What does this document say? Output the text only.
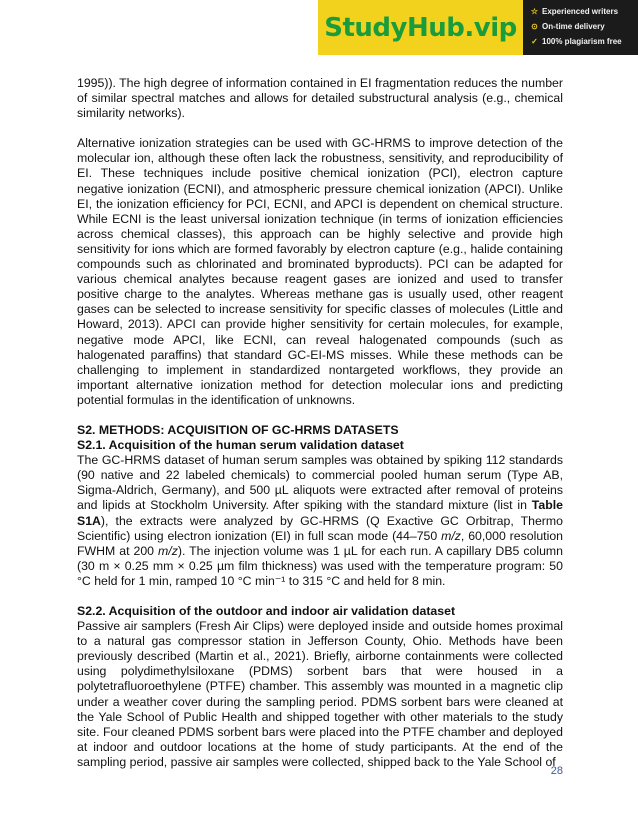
StudyHub.vip
☆ Experienced writers
⊙ On-time delivery
✓ 100% plagiarism free

1995)). The high degree of information contained in EI fragmentation reduces the number of similar spectral matches and allows for detailed substructural analysis (e.g., chemical similarity networks).

Alternative ionization strategies can be used with GC-HRMS to improve detection of the molecular ion, although these often lack the robustness, sensitivity, and reproducibility of EI. These techniques include positive chemical ionization (PCI), electron capture negative ionization (ECNI), and atmospheric pressure chemical ionization (APCI). Unlike EI, the ionization efficiency for PCI, ECNI, and APCI is dependent on chemical structure. While ECNI is the least universal ionization technique (in terms of ionization efficiencies across chemical classes), this approach can be highly selective and provide high sensitivity for ions which are formed favorably by electron capture (e.g., halide containing compounds such as chlorinated and brominated byproducts). PCI can be adapted for various chemical analytes because reagent gases are ionized and used to transfer positive charge to the analytes. Whereas methane gas is usually used, other reagent gases can be selected to increase sensitivity for specific classes of molecules (Little and Howard, 2013). APCI can provide higher sensitivity for certain molecules, for example, negative mode APCI, like ECNI, can reveal halogenated compounds (such as halogenated paraffins) that standard GC-EI-MS misses. While these methods can be challenging to implement in standardized nontargeted workflows, they provide an important alternative ionization method for detection molecular ions and predicting potential formulas in the identification of unknowns.

S2. METHODS: ACQUISITION OF GC-HRMS DATASETS
S2.1. Acquisition of the human serum validation dataset

The GC-HRMS dataset of human serum samples was obtained by spiking 112 standards (90 native and 22 labeled chemicals) to commercial pooled human serum (Type AB, Sigma-Aldrich, Germany), and 500 µL aliquots were extracted after removal of proteins and lipids at Stockholm University. After spiking with the standard mixture (list in Table S1A), the extracts were analyzed by GC-HRMS (Q Exactive GC Orbitrap, Thermo Scientific) using electron ionization (EI) in full scan mode (44–750 m/z, 60,000 resolution FWHM at 200 m/z). The injection volume was 1 µL for each run. A capillary DB5 column (30 m × 0.25 mm × 0.25 µm film thickness) was used with the temperature program: 50 °C held for 1 min, ramped 10 °C min⁻¹ to 315 °C and held for 8 min.

S2.2. Acquisition of the outdoor and indoor air validation dataset

Passive air samplers (Fresh Air Clips) were deployed inside and outside homes proximal to a natural gas compressor station in Jefferson County, Ohio. Methods have been previously described (Martin et al., 2021). Briefly, airborne containments were collected using polydimethylsiloxane (PDMS) sorbent bars that were housed in a polytetrafluoroethylene (PTFE) chamber. This assembly was mounted in a magnetic clip under a weather cover during the sampling period. PDMS sorbent bars were cleaned at the Yale School of Public Health and shipped together with other materials to the study site. Four cleaned PDMS sorbent bars were placed into the PTFE chamber and deployed at indoor and outdoor locations at the home of study participants. At the end of the sampling period, passive air samples were collected, shipped back to the Yale School of

28
